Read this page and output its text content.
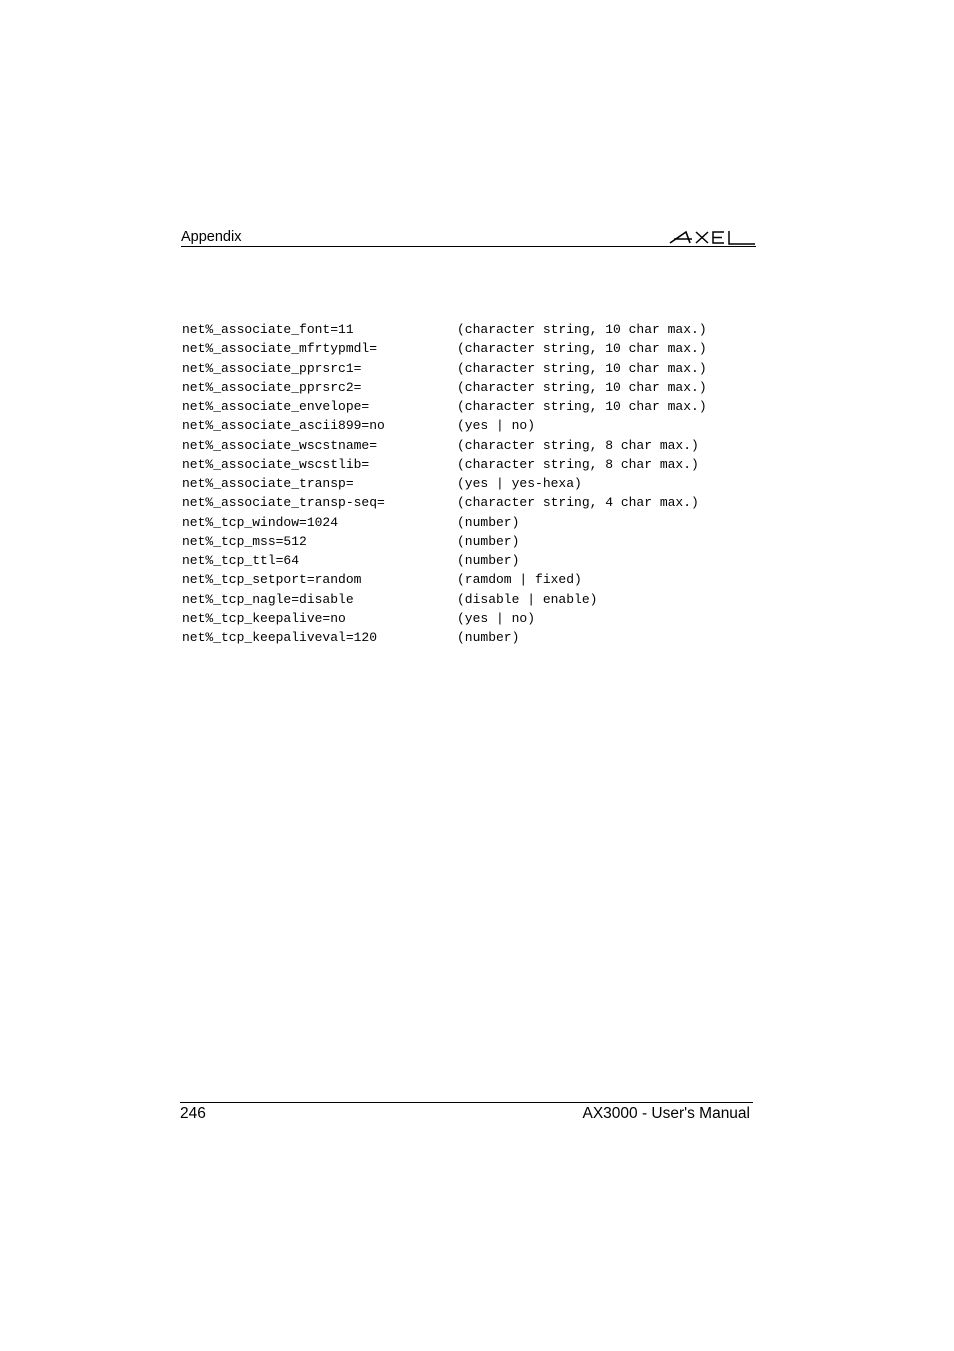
Appendix
net%_associate_font=11	(character string, 10 char max.)
net%_associate_mfrtypmdl=	(character string, 10 char max.)
net%_associate_pprsrc1=	(character string, 10 char max.)
net%_associate_pprsrc2=	(character string, 10 char max.)
net%_associate_envelope=	(character string, 10 char max.)
net%_associate_ascii899=no	(yes | no)
net%_associate_wscstname=	(character string, 8 char max.)
net%_associate_wscstlib=	(character string, 8 char max.)
net%_associate_transp=	(yes | yes-hexa)
net%_associate_transp-seq=	(character string, 4 char max.)
net%_tcp_window=1024	(number)
net%_tcp_mss=512	(number)
net%_tcp_ttl=64	(number)
net%_tcp_setport=random	(ramdom | fixed)
net%_tcp_nagle=disable	(disable | enable)
net%_tcp_keepalive=no	(yes | no)
net%_tcp_keepaliveval=120	(number)
246	AX3000 - User's Manual
